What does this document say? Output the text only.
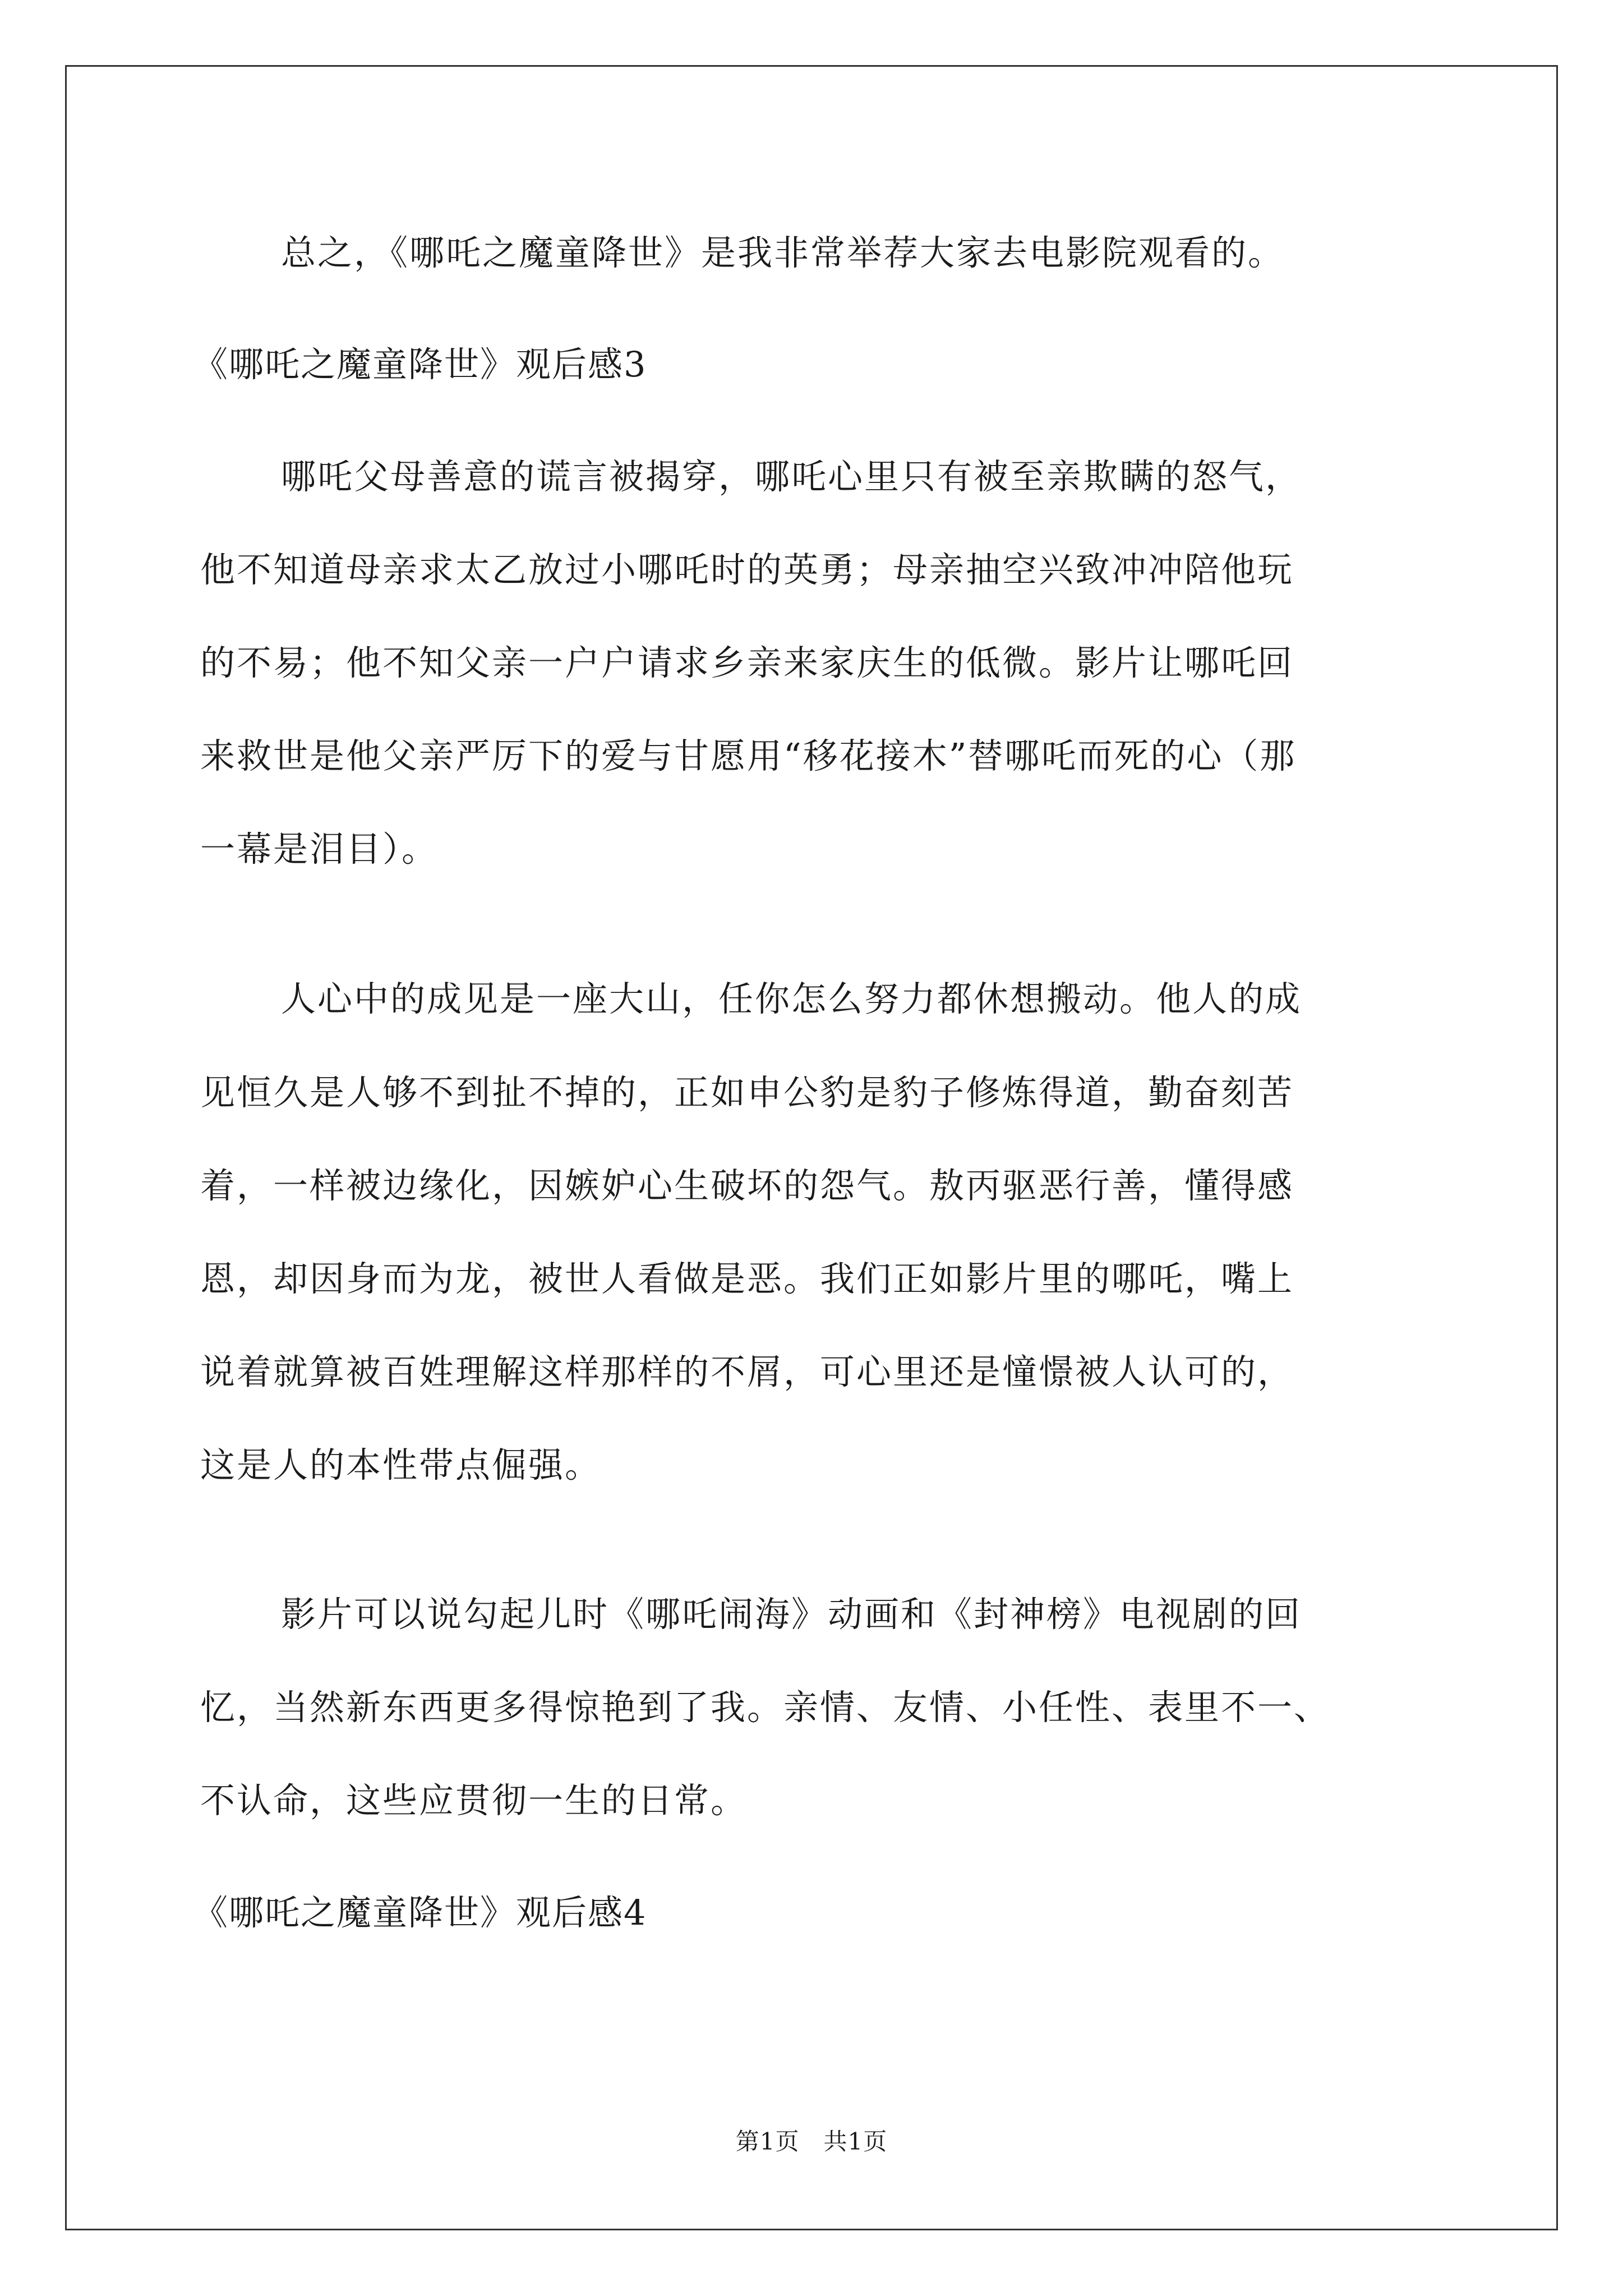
总之，《哪吒之魔童降世》是我非常举荐大家去电影院观看的。
《哪吒之魔童降世》观后感3
哪吒父母善意的谎言被揭穿，哪吒心里只有被至亲欺瞒的怒气，
他不知道母亲求太乙放过小哪吒时的英勇；母亲抽空兴致冲冲陪他玩
的不易；他不知父亲一户户请求乡亲来家庆生的低微。影片让哪吒回
来救世是他父亲严厉下的爱与甘愿用“移花接木”替哪吒而死的心（那
一幕是泪目）。
人心中的成见是一座大山，任你怎么努力都休想搬动。他人的成
见恒久是人够不到扯不掉的，正如申公豹是豹子修炼得道，勤奋刻苦
着，一样被边缘化，因嫉妒心生破坏的怨气。敖丙驱恶行善，懂得感
恩，却因身而为龙，被世人看做是恶。我们正如影片里的哪吒，嘴上
说着就算被百姓理解这样那样的不屑，可心里还是憧憬被人认可的，
这是人的本性带点倔强。
影片可以说勾起儿时《哪吒闹海》动画和《封神榜》电视剧的回
忆，当然新东西更多得惊艳到了我。亲情、友情、小任性、表里不一、
不认命，这些应贯彻一生的日常。
《哪吒之魔童降世》观后感4
第1页　共1页
